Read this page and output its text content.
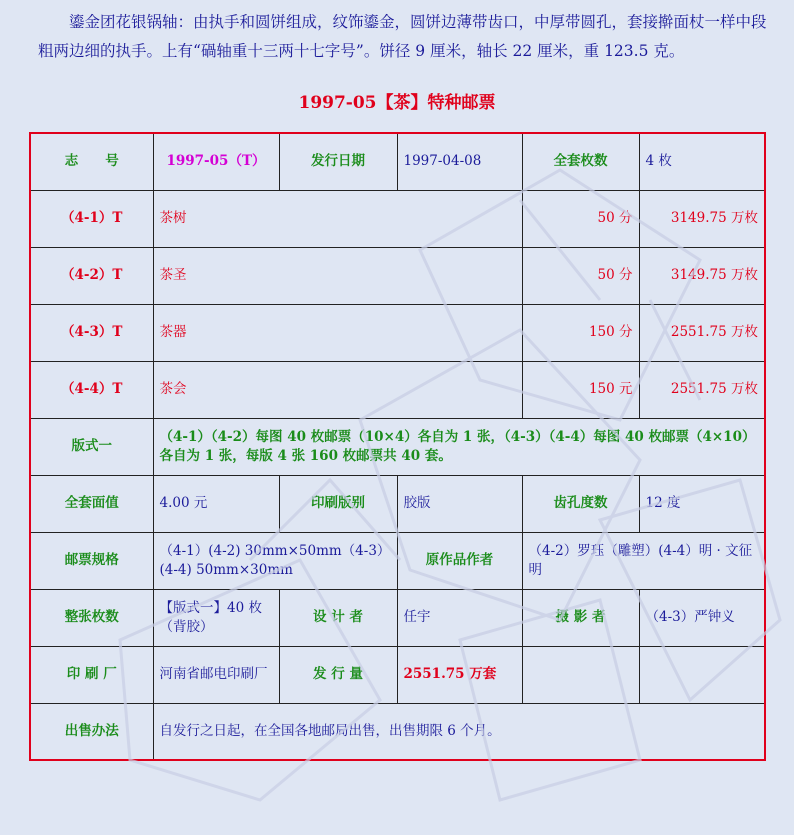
鎏金团花银锅轴：由执手和圆饼组成，纹饰鎏金，圆饼边薄带齿口，中厚带圆孔，套接擀面杖一样中段粗两边细的执手。上有“碢轴重十三两十七字号”。饼径 9 厘米，轴长 22 厘米，重 123.5 克。

1997-05【茶】特种邮票
志　　号	1997-05（T）	发行日期	1997-04-08	全套枚数	4 枚
（4-1）T	茶树			50 分	3149.75 万枚
（4-2）T	茶圣			50 分	3149.75 万枚
（4-3）T	茶器			150 分	2551.75 万枚
（4-4）T	茶会			150 元	2551.75 万枚
版式一	（4-1）（4-2）每图 40 枚邮票（10×4）各自为 1 张，（4-3）（4-4）每图 40 枚邮票（4×10）各自为 1 张，每版 4 张 160 枚邮票共 40 套。				
全套面值	4.00 元	印刷版别	胶版	齿孔度数	12 度
邮票规格	（4-1）(4-2) 30mm×50mm（4-3）(4-4) 50mm×30mm		原作品作者	（4-2）罗珏（雕塑）(4-4）明 · 文征明	
整张枚数	【版式一】40 枚（背胶）	设 计 者	任宇	摄 影 者	（4-3）严钟义
印 刷 厂	河南省邮电印刷厂	发 行 量	2551.75 万套		
出售办法	自发行之日起，在全国各地邮局出售，出售期限 6 个月。				
